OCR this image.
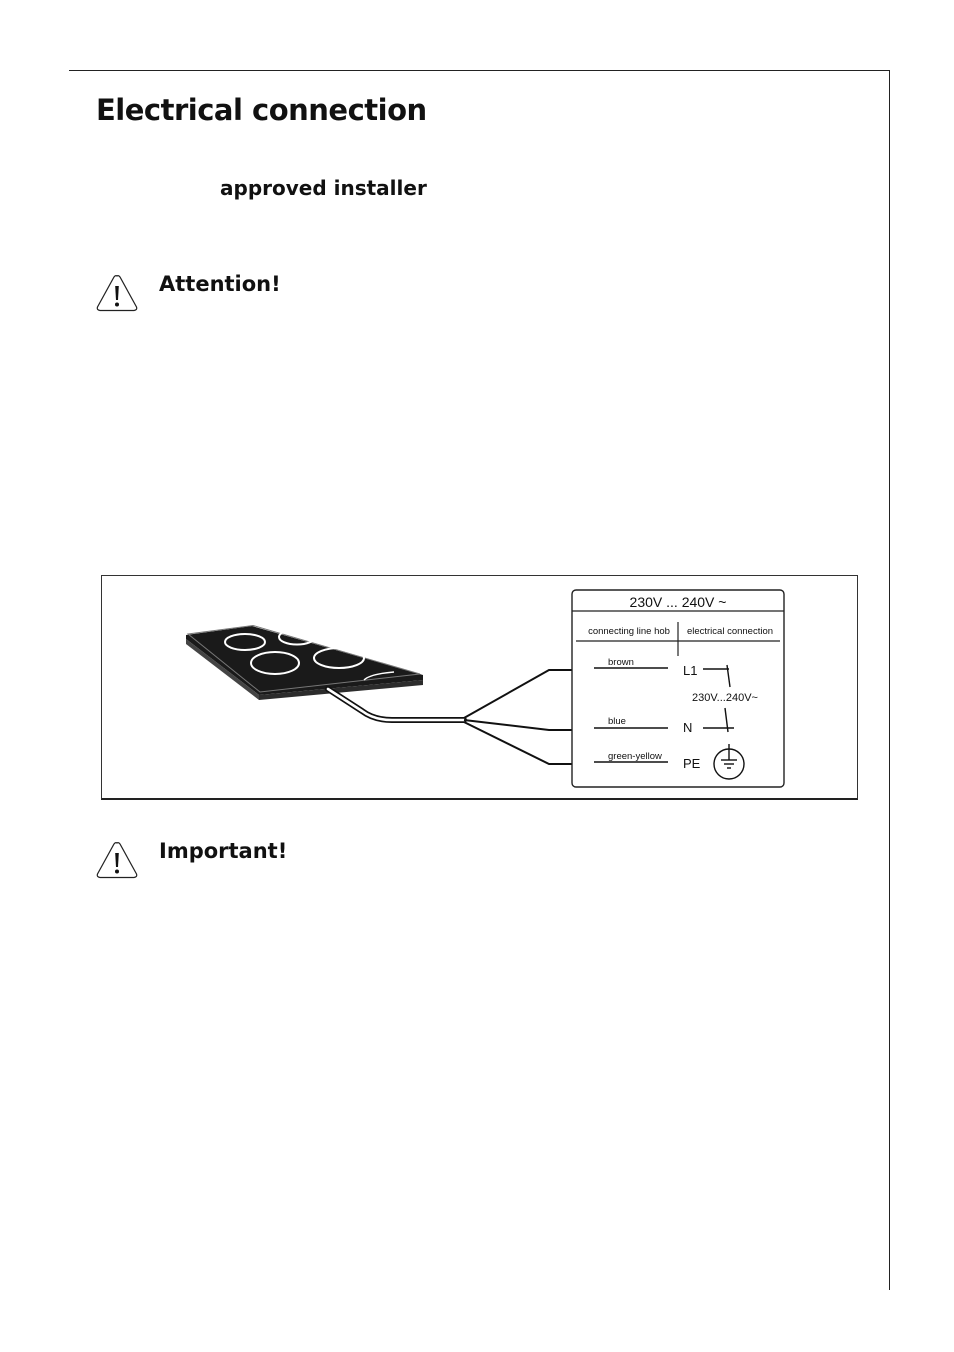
Electrical connection
approved installer
Attention!
230V ... 240V ~
connecting line hob electrical connection
brown
L1
230V...240V~
blue	N
green-yellow PE
Important!
